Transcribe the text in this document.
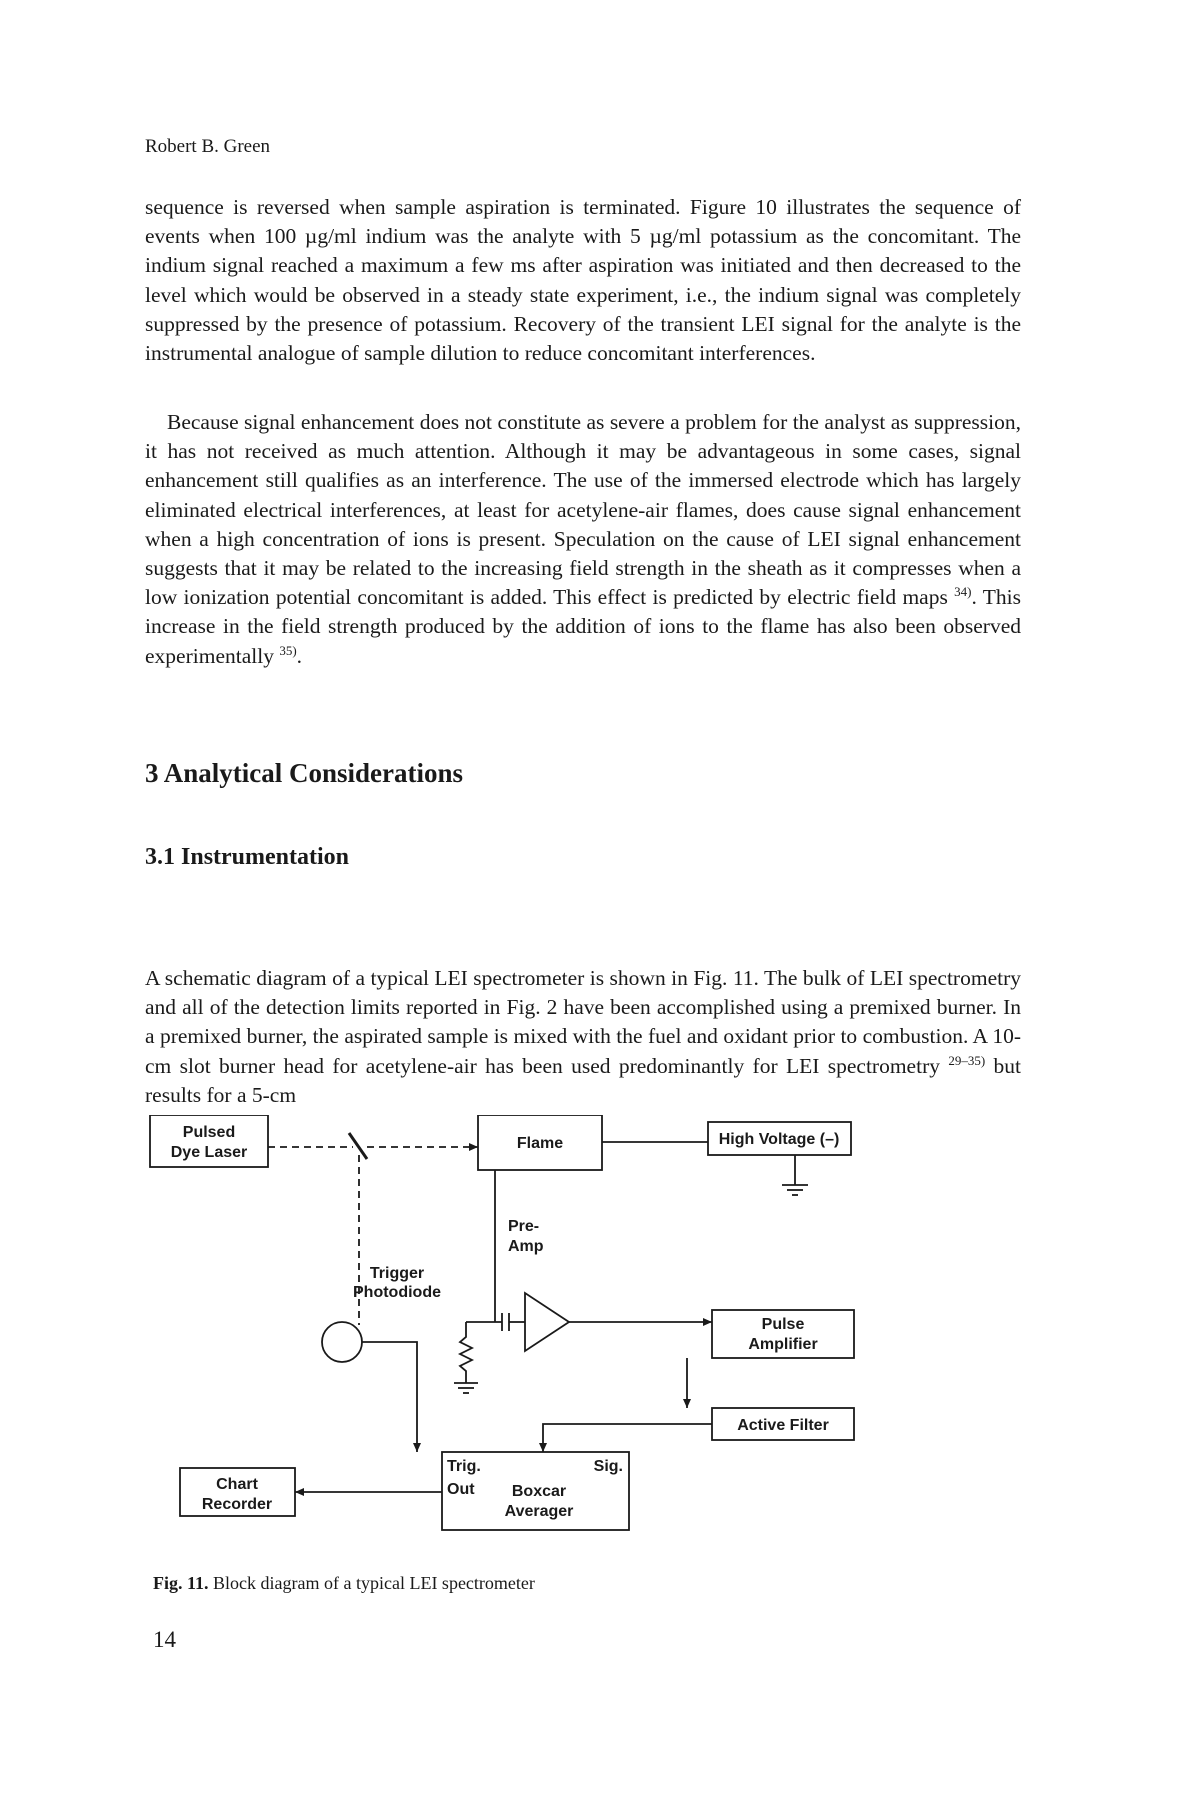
Robert B. Green

sequence is reversed when sample aspiration is terminated. Figure 10 illustrates the sequence of events when 100 µg/ml indium was the analyte with 5 µg/ml potassium as the concomitant. The indium signal reached a maximum a few ms after aspiration was initiated and then decreased to the level which would be observed in a steady state experiment, i.e., the indium signal was completely suppressed by the presence of potassium. Recovery of the transient LEI signal for the analyte is the instrumental analogue of sample dilution to reduce concomitant interferences.

Because signal enhancement does not constitute as severe a problem for the analyst as suppression, it has not received as much attention. Although it may be advantageous in some cases, signal enhancement still qualifies as an interference. The use of the immersed electrode which has largely eliminated electrical interferences, at least for acetylene-air flames, does cause signal enhancement when a high concentration of ions is present. Speculation on the cause of LEI signal enhancement suggests that it may be related to the increasing field strength in the sheath as it compresses when a low ionization potential concomitant is added. This effect is predicted by electric field maps $^{34)}$. This increase in the field strength produced by the addition of ions to the flame has also been observed experimentally $^{35)}$.

3 Analytical Considerations
3.1 Instrumentation

A schematic diagram of a typical LEI spectrometer is shown in Fig. 11. The bulk of LEI spectrometry and all of the detection limits reported in Fig. 2 have been accomplished using a premixed burner. In a premixed burner, the aspirated sample is mixed with the fuel and oxidant prior to combustion. A 10-cm slot burner head for acetylene-air has been used predominantly for LEI spectrometry $^{29-35)}$ but results for a 5-cm

Pulsed
Dye Laser
Flame	High Voltage (–)
Pre-
Amp
Trigger
Photodiode
Pulse
Amplifier
Active Filter
Trig.
Out
Sig.
Boxcar
Averager
Chart
Recorder
Fig. 11. Block diagram of a typical LEI spectrometer
14
